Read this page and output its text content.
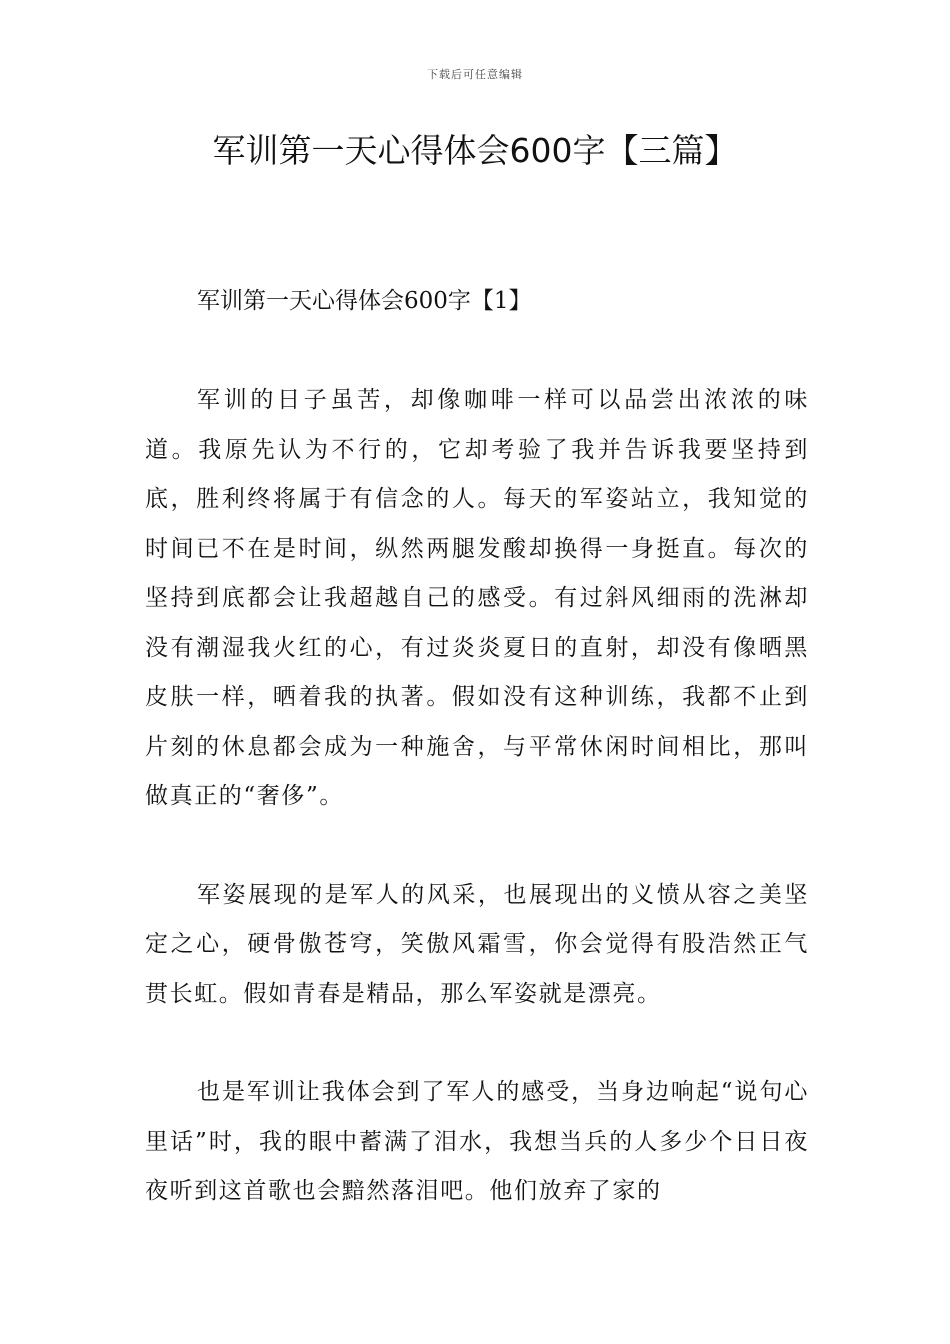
下载后可任意编辑
军训第一天心得体会600字【三篇】

军训第一天心得体会600字【1】

军训的日子虽苦，却像咖啡一样可以品尝出浓浓的味道。我原先认为不行的，它却考验了我并告诉我要坚持到底，胜利终将属于有信念的人。每天的军姿站立，我知觉的时间已不在是时间，纵然两腿发酸却换得一身挺直。每次的坚持到底都会让我超越自己的感受。有过斜风细雨的洗淋却没有潮湿我火红的心，有过炎炎夏日的直射，却没有像晒黑皮肤一样，晒着我的执著。假如没有这种训练，我都不止到片刻的休息都会成为一种施舍，与平常休闲时间相比，那叫做真正的“奢侈”。

军姿展现的是军人的风采，也展现出的义愤从容之美坚定之心，硬骨傲苍穹，笑傲风霜雪，你会觉得有股浩然正气贯长虹。假如青春是精品，那么军姿就是漂亮。

也是军训让我体会到了军人的感受，当身边响起“说句心里话”时，我的眼中蓄满了泪水，我想当兵的人多少个日日夜夜听到这首歌也会黯然落泪吧。他们放弃了家的
